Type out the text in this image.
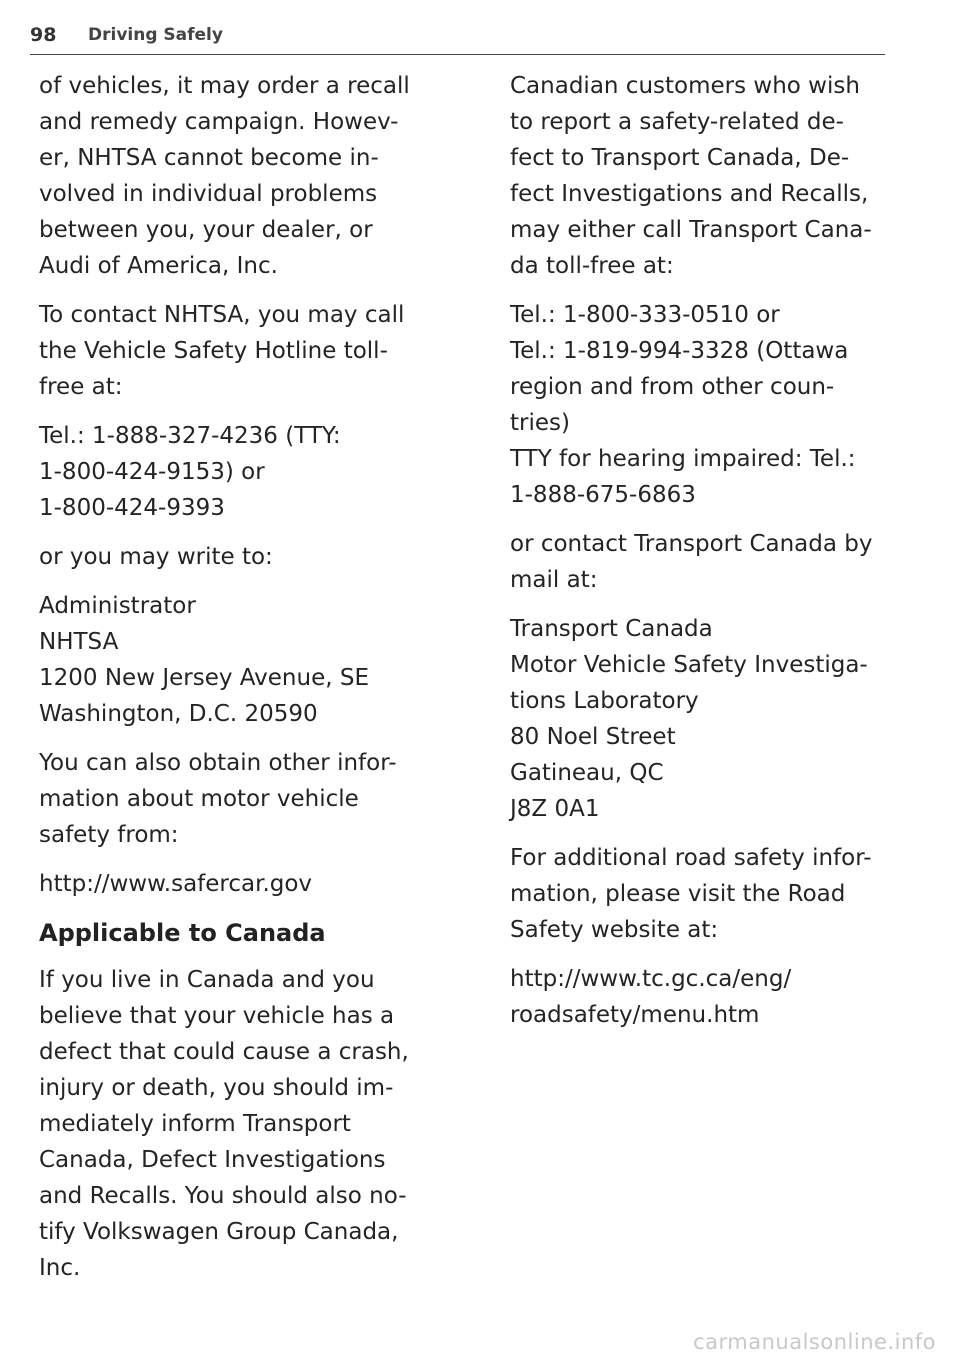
98 Driving Safely

of vehicles, it may order a recall
and remedy campaign. Howev-
er, NHTSA cannot become in-
volved in individual problems
between you, your dealer, or
Audi of America, Inc.

To contact NHTSA, you may call
the Vehicle Safety Hotline toll-
free at:

Tel.: 1-888-327-4236 (TTY:
1-800-424-9153) or
1-800-424-9393

or you may write to:

Administrator
NHTSA
1200 New Jersey Avenue, SE
Washington, D.C. 20590

You can also obtain other infor-
mation about motor vehicle
safety from:

http://www.safercar.gov

Applicable to Canada

If you live in Canada and you
believe that your vehicle has a
defect that could cause a crash,
injury or death, you should im-
mediately inform Transport
Canada, Defect Investigations
and Recalls. You should also no-
tify Volkswagen Group Canada,
Inc.

Canadian customers who wish
to report a safety-related de-
fect to Transport Canada, De-
fect Investigations and Recalls,
may either call Transport Cana-
da toll-free at:

Tel.: 1-800-333-0510 or
Tel.: 1-819-994-3328 (Ottawa
region and from other coun-
tries)
TTY for hearing impaired: Tel.:
1-888-675-6863

or contact Transport Canada by
mail at:

Transport Canada
Motor Vehicle Safety Investiga-
tions Laboratory
80 Noel Street
Gatineau, QC
J8Z 0A1

For additional road safety infor-
mation, please visit the Road
Safety website at:

http://www.tc.gc.ca/eng/
roadsafety/menu.htm

carmanualsonline.info
